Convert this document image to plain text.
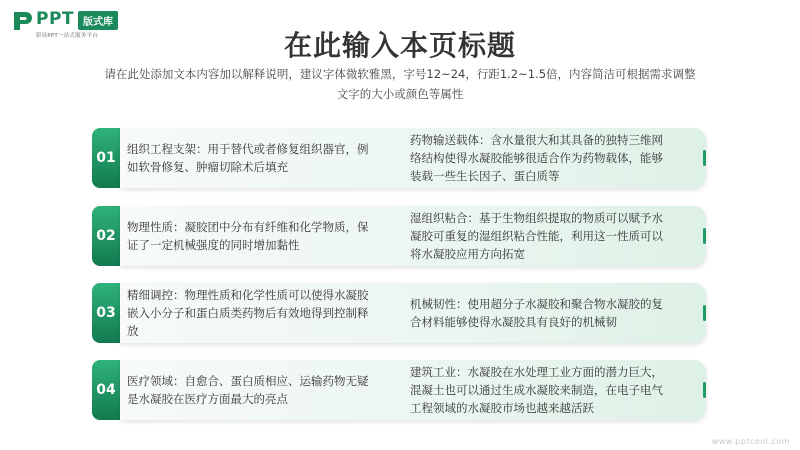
PPT 版式库
职场PPT一站式服务平台	在此输入本页标题
请在此处添加文本内容加以解释说明，建议字体微软雅黑，字号12~24，行距1.2~1.5倍，内容简洁可根据需求调整文字的大小或颜色等属性
01
组织工程支架：用于替代或者修复组织器官，例如软骨修复、肿瘤切除术后填充
药物输送载体：含水量很大和其具备的独特三维网络结构使得水凝胶能够很适合作为药物载体，能够装载一些生长因子、蛋白质等
02
物理性质：凝胶团中分布有纤维和化学物质，保证了一定机械强度的同时增加黏性
湿组织粘合：基于生物组织提取的物质可以赋予水凝胶可重复的湿组织粘合性能，利用这一性质可以将水凝胶应用方向拓宽
03
精细调控：物理性质和化学性质可以使得水凝胶嵌入小分子和蛋白质类药物后有效地得到控制释放
机械韧性：使用超分子水凝胶和聚合物水凝胶的复合材料能够使得水凝胶具有良好的机械韧
04
医疗领域：自愈合、蛋白质相应、运输药物无疑是水凝胶在医疗方面最大的亮点
建筑工业：水凝胶在水处理工业方面的潜力巨大，混凝土也可以通过生成水凝胶来制造，在电子电气工程领域的水凝胶市场也越来越活跃
www.pptcool.com
